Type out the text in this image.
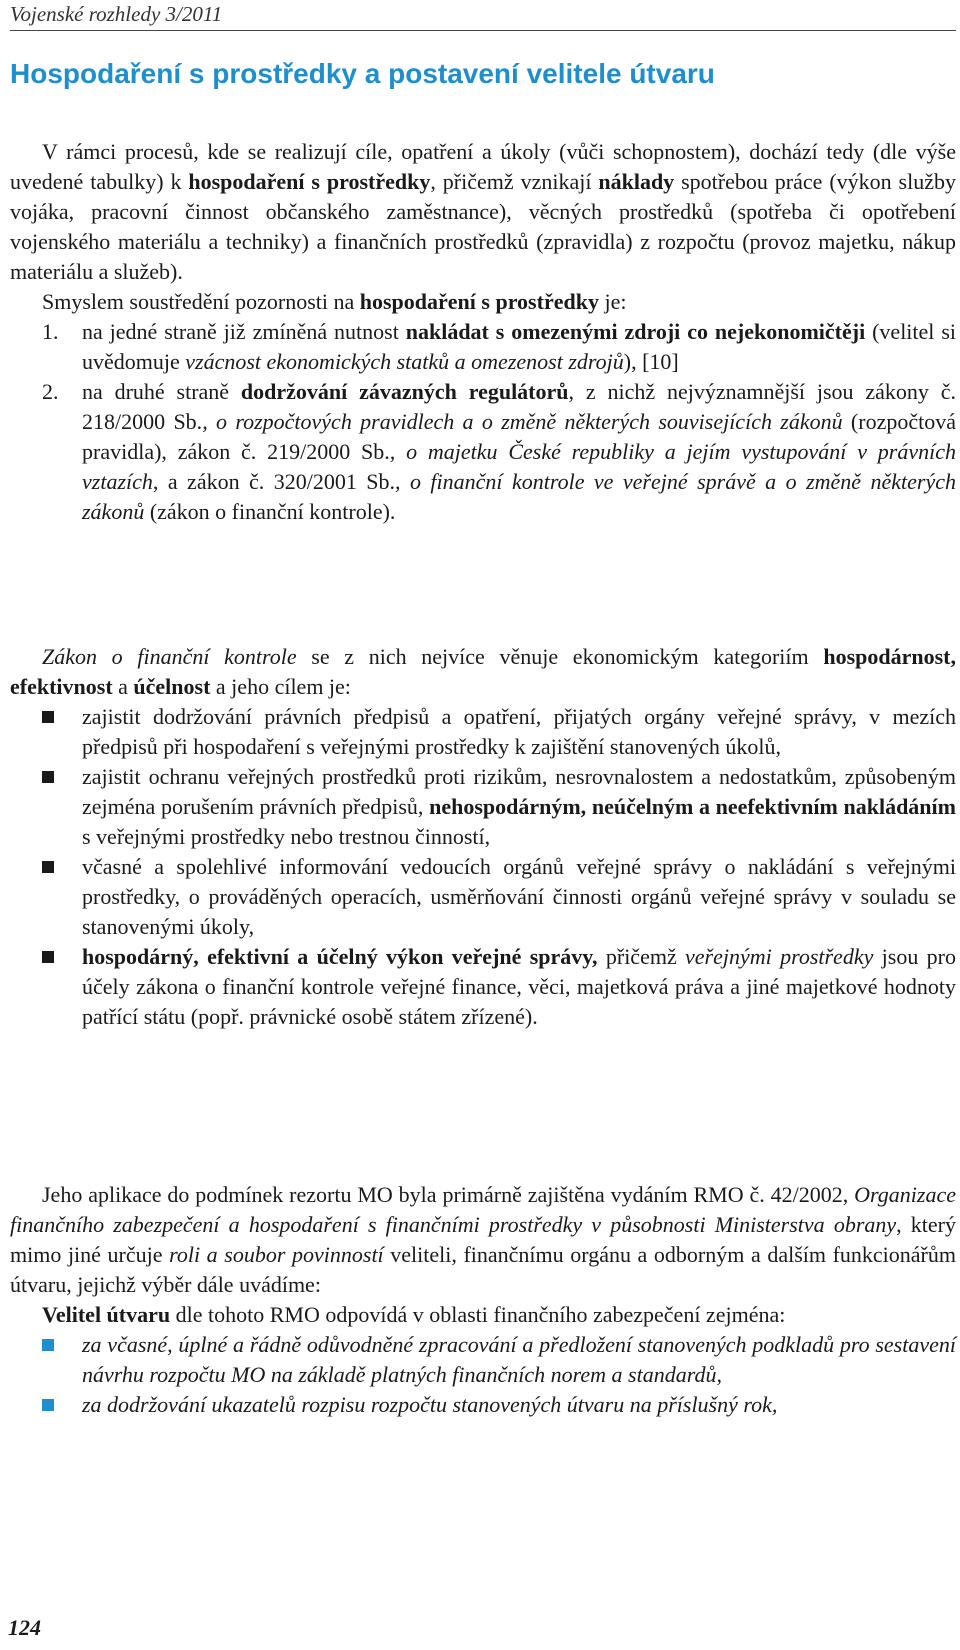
Vojenské rozhledy 3/2011
Hospodaření s prostředky a postavení velitele útvaru
V rámci procesů, kde se realizují cíle, opatření a úkoly (vůči schopnostem), dochází tedy (dle výše uvedené tabulky) k hospodaření s prostředky, přičemž vznikají náklady spotřebou práce (výkon služby vojáka, pracovní činnost občanského zaměstnance), věcných prostředků (spotřeba či opotřebení vojenského materiálu a techniky) a finančních prostředků (zpravidla) z rozpočtu (provoz majetku, nákup materiálu a služeb).
Smyslem soustředění pozornosti na hospodaření s prostředky je:
1. na jedné straně již zmíněná nutnost nakládat s omezenými zdroji co nejekonomičtěji (velitel si uvědomuje vzácnost ekonomických statků a omezenost zdrojů), [10]
2. na druhé straně dodržování závazných regulátorů, z nichž nejvýznamnější jsou zákony č. 218/2000 Sb., o rozpočtových pravidlech a o změně některých souvisejících zákonů (rozpočtová pravidla), zákon č. 219/2000 Sb., o majetku České republiky a jejím vystupování v právních vztazích, a zákon č. 320/2001 Sb., o finanční kontrole ve veřejné správě a o změně některých zákonů (zákon o finanční kontrole).
Zákon o finanční kontrole se z nich nejvíce věnuje ekonomickým kategoriím hospodárnost, efektivnost a účelnost a jeho cílem je:
zajistit dodržování právních předpisů a opatření, přijatých orgány veřejné správy, v mezích předpisů při hospodaření s veřejnými prostředky k zajištění stanovených úkolů,
zajistit ochranu veřejných prostředků proti rizikům, nesrovnalostem a nedostatkům, způsobeným zejména porušením právních předpisů, nehospodárným, neúčelným a neefektivním nakládáním s veřejnými prostředky nebo trestnou činností,
včasné a spolehlivé informování vedoucích orgánů veřejné správy o nakládání s veřejnými prostředky, o prováděných operacích, usměrňování činnosti orgánů veřejné správy v souladu se stanovenými úkoly,
hospodárný, efektivní a účelný výkon veřejné správy, přičemž veřejnými prostředky jsou pro účely zákona o finanční kontrole veřejné finance, věci, majetková práva a jiné majetkové hodnoty patřící státu (popř. právnické osobě státem zřízené).
Jeho aplikace do podmínek rezortu MO byla primárně zajištěna vydáním RMO č. 42/2002, Organizace finančního zabezpečení a hospodaření s finančními prostředky v působnosti Ministerstva obrany, který mimo jiné určuje roli a soubor povinností veliteli, finančnímu orgánu a odborným a dalším funkcionářům útvaru, jejichž výběr dále uvádíme:
Velitel útvaru dle tohoto RMO odpovídá v oblasti finančního zabezpečení zejména:
za včasné, úplné a řádně odůvodněné zpracování a předložení stanovených podkladů pro sestavení návrhu rozpočtu MO na základě platných finančních norem a standardů,
za dodržování ukazatelů rozpisu rozpočtu stanovených útvaru na příslušný rok,
124
